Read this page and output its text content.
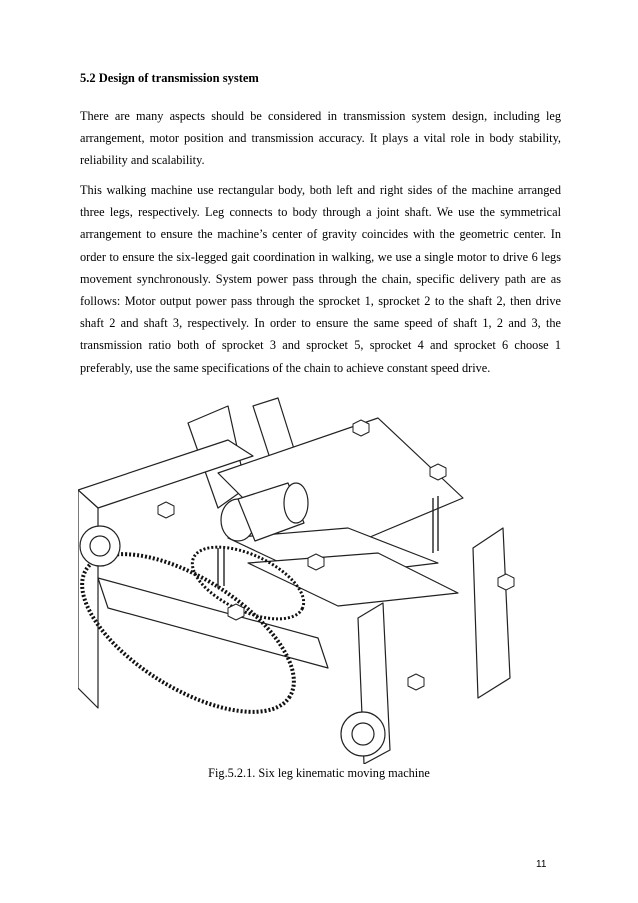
5.2 Design of transmission system

There are many aspects should be considered in transmission system design, including leg arrangement, motor position and transmission accuracy. It plays a vital role in body stability, reliability and scalability.

This walking machine use rectangular body, both left and right sides of the machine arranged three legs, respectively. Leg connects to body through a joint shaft. We use the symmetrical arrangement to ensure the machine’s center of gravity coincides with the geometric center. In order to ensure the six-legged gait coordination in walking, we use a single motor to drive 6 legs movement synchronously. System power pass through the chain, specific delivery path are as follows: Motor output power pass through the sprocket 1, sprocket 2 to the shaft 2, then drive shaft 2 and shaft 3, respectively. In order to ensure the same speed of shaft 1, 2 and 3, the transmission ratio both of sprocket 3 and sprocket 5, sprocket 4 and sprocket 6 choose 1 preferably, use the same specifications of the chain to achieve constant speed drive.

Fig.5.2.1. Six leg kinematic moving machine

11
